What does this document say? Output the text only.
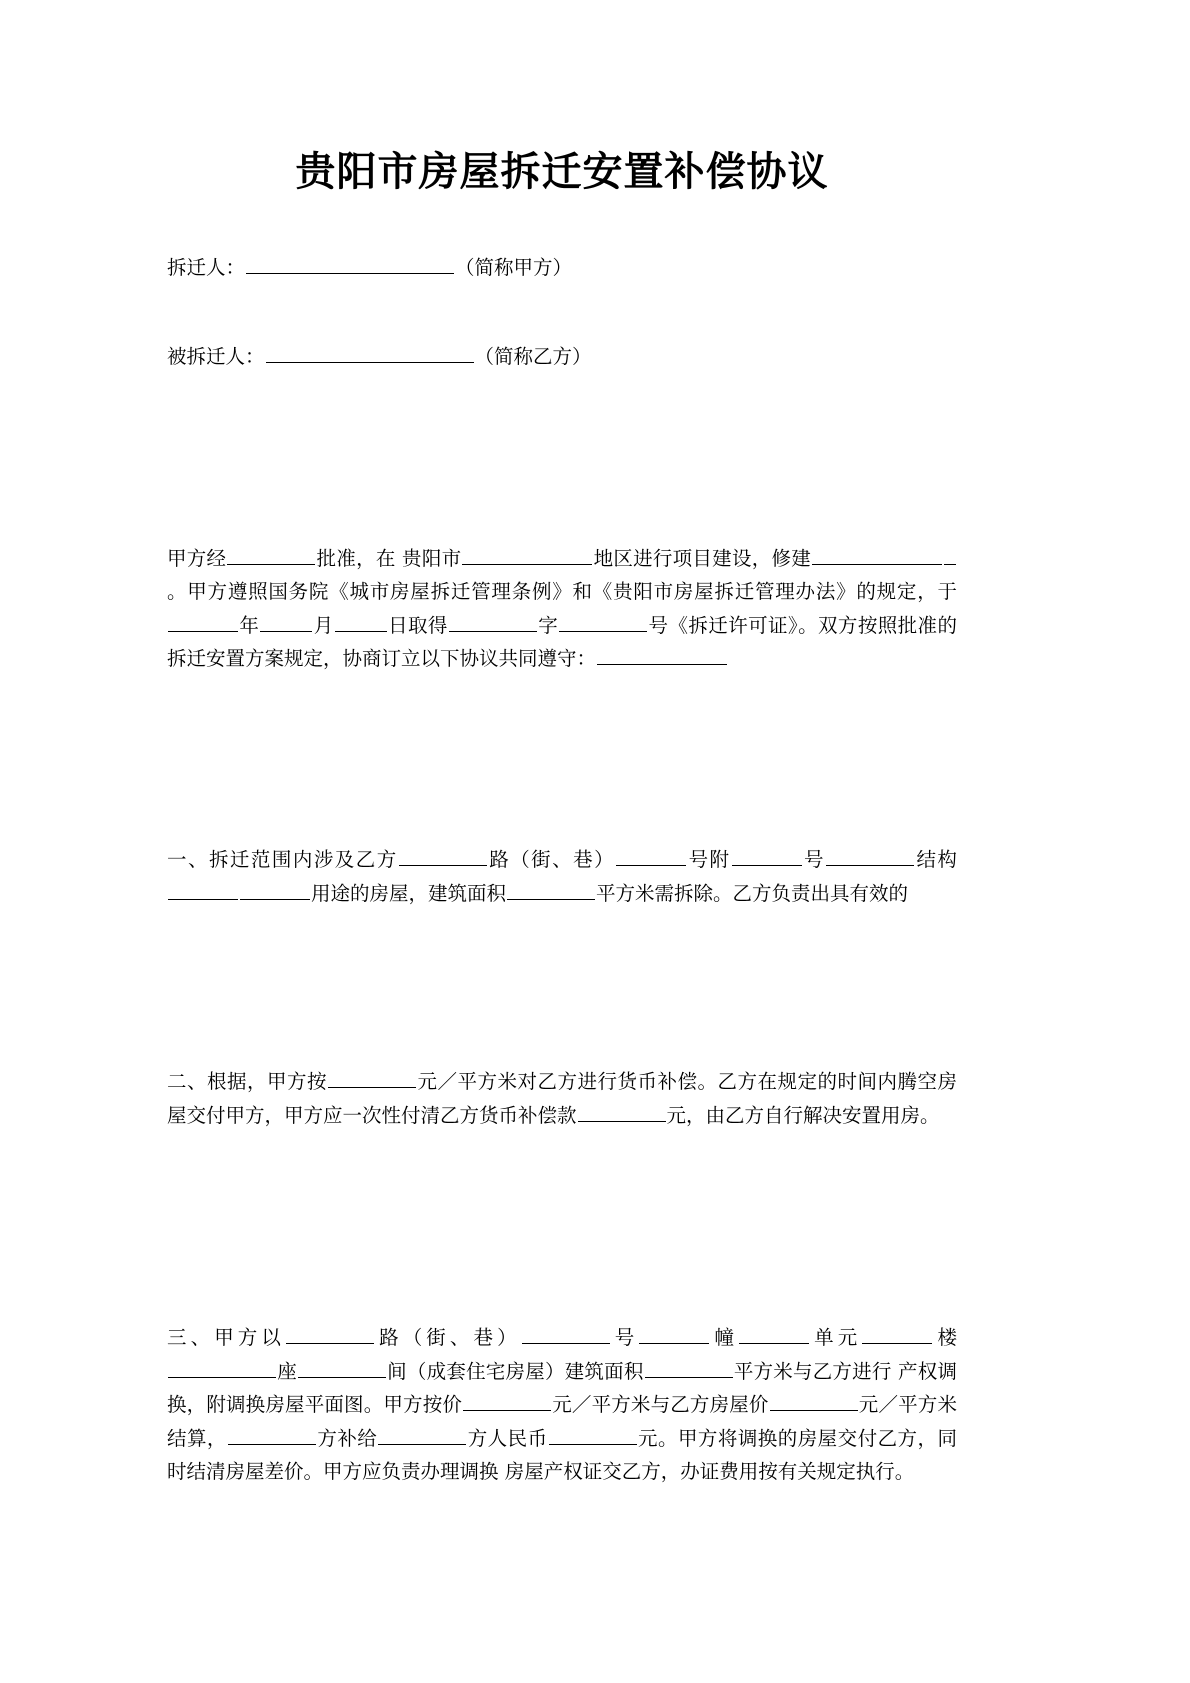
贵阳市房屋拆迁安置补偿协议
拆迁人：	（简称甲方）
被拆迁人：	（简称乙方）

甲方经	批准，在 贵阳市	地区进行项目建设，修建。甲方遵照国务院《城市房屋拆迁管理条例》和《贵阳市房屋拆迁管理办法》的规定，于年	月	日取得	字	号《拆迁许可证》。双方按照批准的拆迁安置方案规定，协商订立以下协议共同遵守：

一、拆迁范围内涉及乙方	路（街、巷）	号附	号	结构用途的房屋，建筑面积	平方米需拆除。乙方负责出具有效的

二、根据，甲方按	元／平方米对乙方进行货币补偿。乙方在规定的时间内腾空房屋交付甲方，甲方应一次性付清乙方货币补偿款	元，由乙方自行解决安置用房。

三、甲方以	路（街、巷）	号	幢	单元	楼座	间（成套住宅房屋）建筑面积	平方米与乙方进行 产权调换，附调换房屋平面图。甲方按价	元／平方米与乙方房屋价	元／平方米结算，	方补给	方人民币	元。甲方将调换的房屋交付乙方，同时结清房屋差价。甲方应负责办理调换 房屋产权证交乙方，办证费用按有关规定执行。
